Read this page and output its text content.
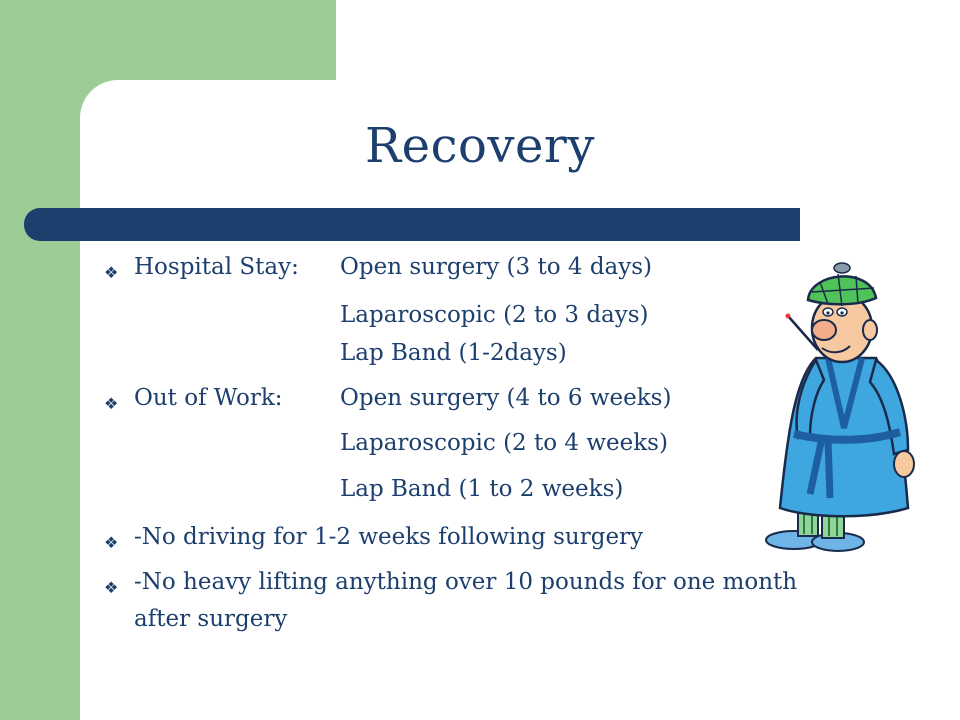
Recovery
❖ Hospital Stay: Open surgery (3 to 4 days)
Laparoscopic (2 to 3 days)
Lap Band (1-2days)
❖ Out of Work: Open surgery (4 to 6 weeks)
Laparoscopic (2 to 4 weeks)
Lap Band (1 to 2 weeks)
❖ -No driving for 1-2 weeks following surgery
❖ -No heavy lifting anything over 10 pounds for one month
after surgery
